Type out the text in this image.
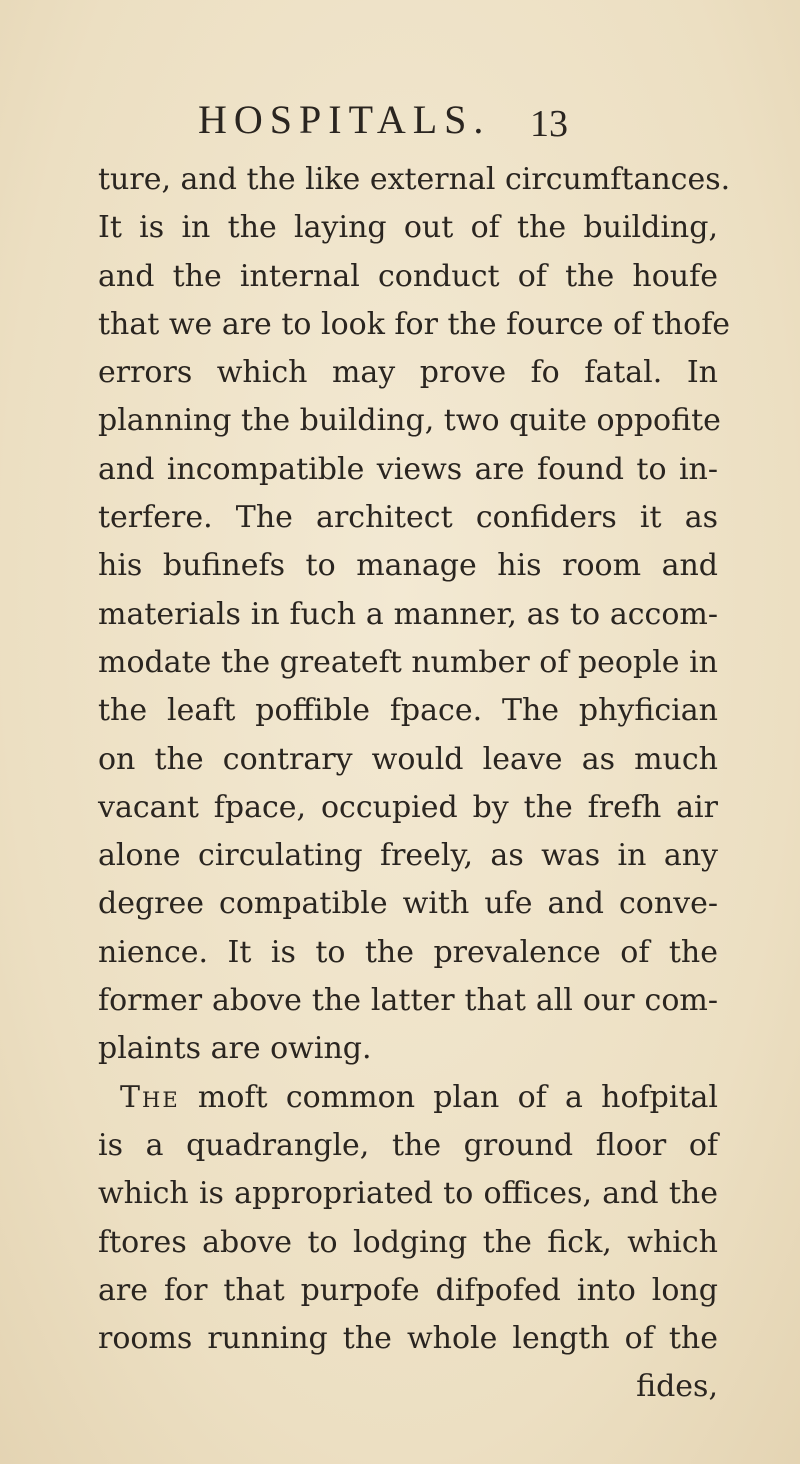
HOSPITALS. 13
ture, and the like external circumftances.
It is in the laying out of the building,
and the internal conduct of the houfe
that we are to look for the fource of thofe
errors which may prove fo fatal. In
planning the building, two quite oppofite
and incompatible views are found to in-
terfere. The architect confiders it as
his bufinefs to manage his room and
materials in fuch a manner, as to accom-
modate the greateft number of people in
the leaft poffible fpace. The phyfician
on the contrary would leave as much
vacant fpace, occupied by the frefh air
alone circulating freely, as was in any
degree compatible with ufe and conve-
nience. It is to the prevalence of the
former above the latter that all our com-
plaints are owing.
The moft common plan of a hofpital
is a quadrangle, the ground floor of
which is appropriated to offices, and the
ftores above to lodging the fick, which
are for that purpofe difpofed into long
rooms running the whole length of the
fides,
